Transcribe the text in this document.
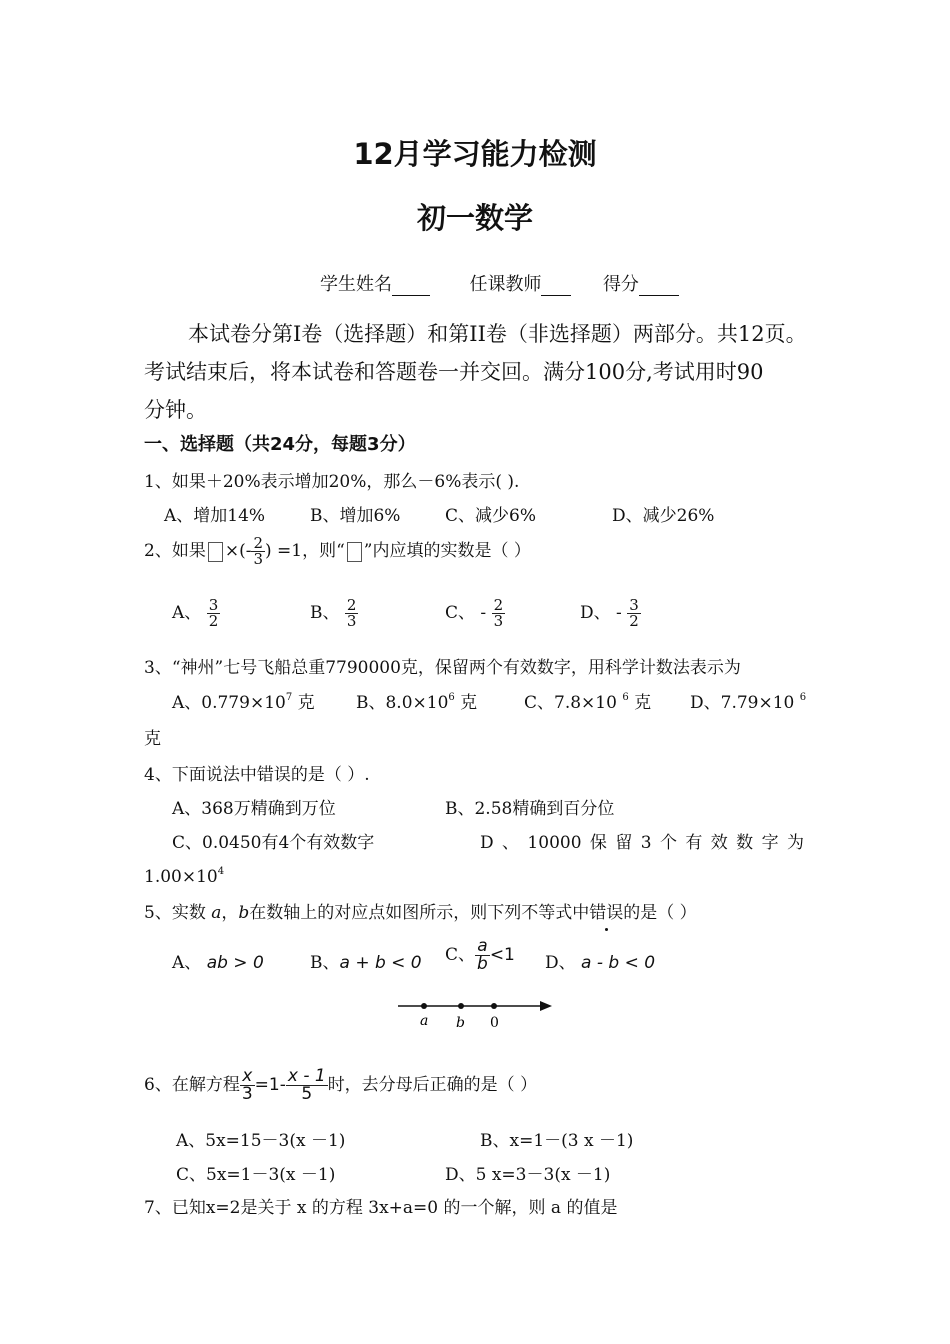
12月学习能力检测
初一数学
学生姓名	任课教师	得分
本试卷分第I卷（选择题）和第II卷（非选择题）两部分。共12页。
考试结束后，将本试卷和答题卷一并交回。满分100分,考试用时90
分钟。
一、选择题（共24分，每题3分）
1、如果＋20%表示增加20%，那么－6%表示( ).
A、增加14%	B、增加6%	C、减少6%	D、减少26%
2、如果 ×(- $\frac{2}{3}$ ) =1，则“ ”内应填的实数是（ ）
A、 $\frac{3}{2}$	B、 $\frac{2}{3}$	C、 - $\frac{2}{3}$	D、 - $\frac{3}{2}$
3、“神州”七号飞船总重7790000克，保留两个有效数字，用科学计数法表示为
A、$0.779\times 10^7$ 克 B、$8.0\times 10^6$ 克	C、7.8×10 $^6$ 克 D、7.79×10 $^6$
克
4、下面说法中错误的是（ ）.
A、368万精确到万位	B、2.58精确到百分位
C、0.0450有4个有效数字	D 、 10000 保 留 3 个 有 效 数 字 为
$1.00\times 10^4$
5、实数 a，b在数轴上的对应点如图所示，则下列不等式中错误的是（ ）
A、 ab > 0	B、a + b < 0 C、 $\frac{a}{b} <1$ D、 a - b < 0
a b 0
6、在解方程 $\frac{x}{3} =1- \frac{x - 1}{5}$ 时，去分母后正确的是（ ）
A、5x=15－3(x －1)	B、x=1－(3 x －1)
C、5x=1－3(x －1)	D、5 x=3－3(x －1)
7、已知x=2是关于 x 的方程 3x+a=0 的一个解，则 a 的值是
